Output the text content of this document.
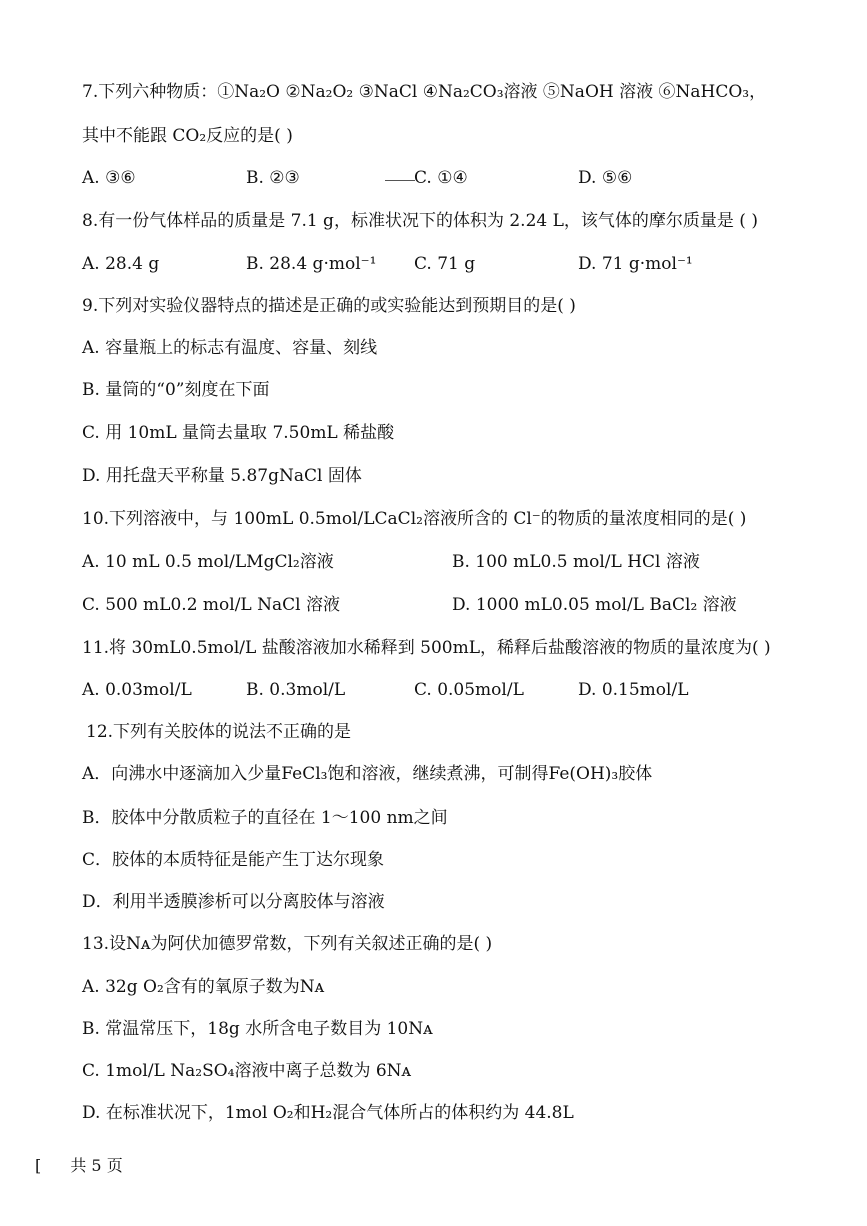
7.下列六种物质：①Na₂O ②Na₂O₂ ③NaCl ④Na₂CO₃溶液 ⑤NaOH 溶液 ⑥NaHCO₃，
其中不能跟 CO₂反应的是( )
A. ③⑥	B. ②③	C. ①④	D. ⑤⑥
8.有一份气体样品的质量是 7.1 g，标准状况下的体积为 2.24 L，该气体的摩尔质量是 ( )
A. 28.4 g	B. 28.4 g·mol⁻¹ C. 71 g	D. 71 g·mol⁻¹
9.下列对实验仪器特点的描述是正确的或实验能达到预期目的是( )
A. 容量瓶上的标志有温度、容量、刻线
B. 量筒的“0”刻度在下面
C. 用 10mL 量筒去量取 7.50mL 稀盐酸
D. 用托盘天平称量 5.87gNaCl 固体
10.下列溶液中，与 100mL 0.5mol/LCaCl₂溶液所含的 Cl⁻的物质的量浓度相同的是( )
A. 10 mL 0.5 mol/LMgCl₂溶液	B. 100 mL0.5 mol/L HCl 溶液
C. 500 mL0.2 mol/L NaCl 溶液	D. 1000 mL0.05 mol/L BaCl₂ 溶液
11.将 30mL0.5mol/L 盐酸溶液加水稀释到 500mL，稀释后盐酸溶液的物质的量浓度为( )
A. 0.03mol/L	B. 0.3mol/L	C. 0.05mol/L	D. 0.15mol/L
12.下列有关胶体的说法不正确的是
A．向沸水中逐滴加入少量FeCl₃饱和溶液，继续煮沸，可制得Fe(OH)₃胶体
B．胶体中分散质粒子的直径在 1～100 nm之间
C．胶体的本质特征是能产生丁达尔现象
D．利用半透膜渗析可以分离胶体与溶液
13.设Nᴀ为阿伏加德罗常数，下列有关叙述正确的是( )
A. 32g O₂含有的氧原子数为Nᴀ
B. 常温常压下，18g 水所含电子数目为 10Nᴀ
C. 1mol/L Na₂SO₄溶液中离子总数为 6Nᴀ
D. 在标准状况下，1mol O₂和H₂混合气体所占的体积约为 44.8L
[ 共 5 页
